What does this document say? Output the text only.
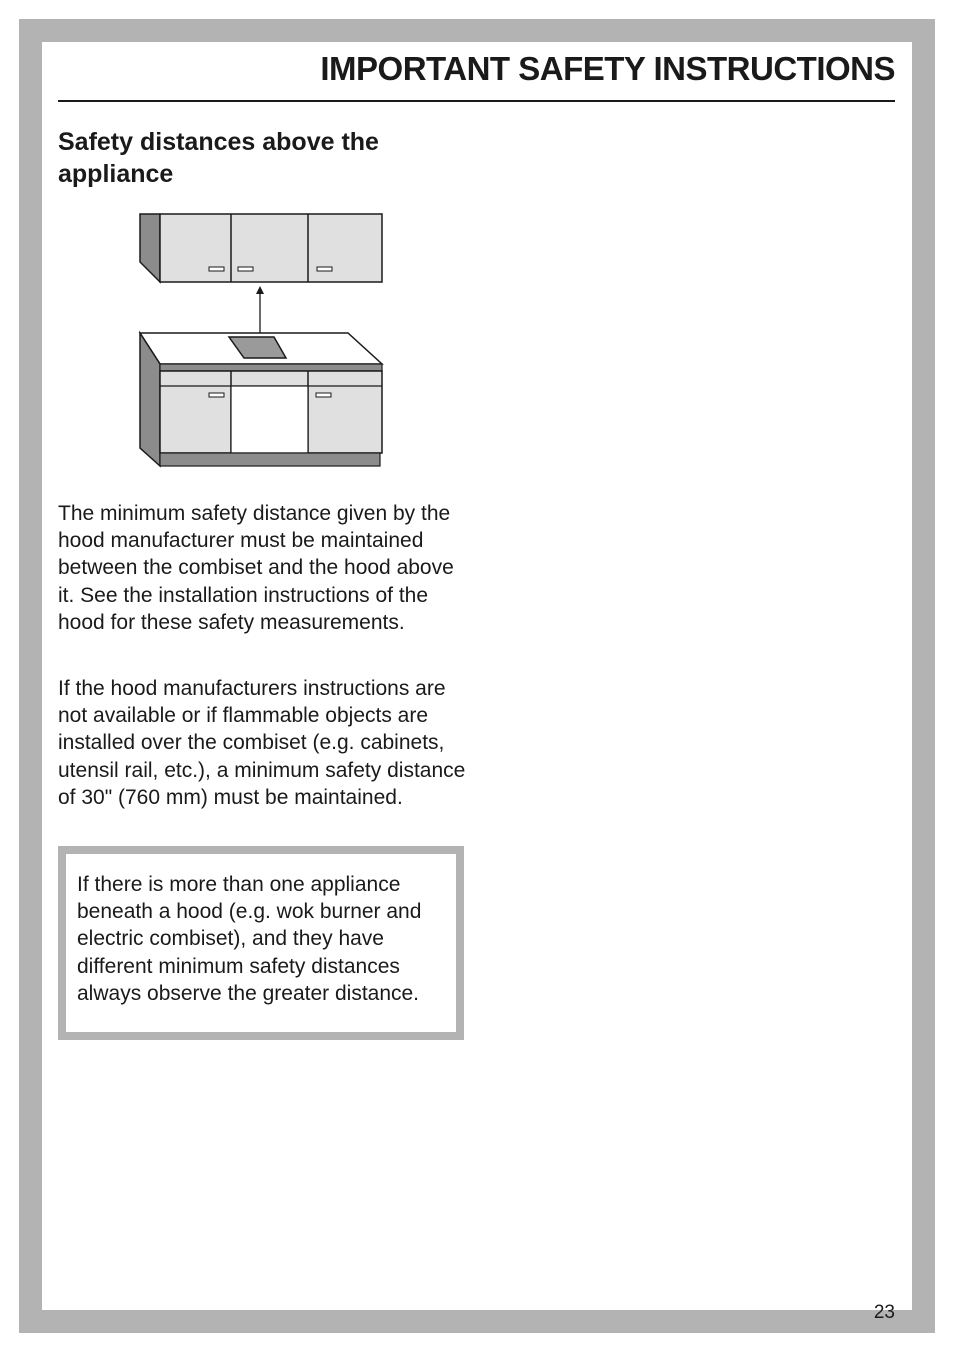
IMPORTANT SAFETY INSTRUCTIONS
Safety distances above the appliance

The minimum safety distance given by the hood manufacturer must be maintained between the combiset and the hood above it. See the installation instructions of the hood for these safety measurements.

If the hood manufacturers instructions are not available or if flammable objects are installed over the combiset (e.g. cabinets, utensil rail, etc.), a minimum safety distance of 30" (760 mm) must be maintained.

If there is more than one appliance beneath a hood (e.g. wok burner and electric combiset), and they have different minimum safety distances always observe the greater distance.

23
